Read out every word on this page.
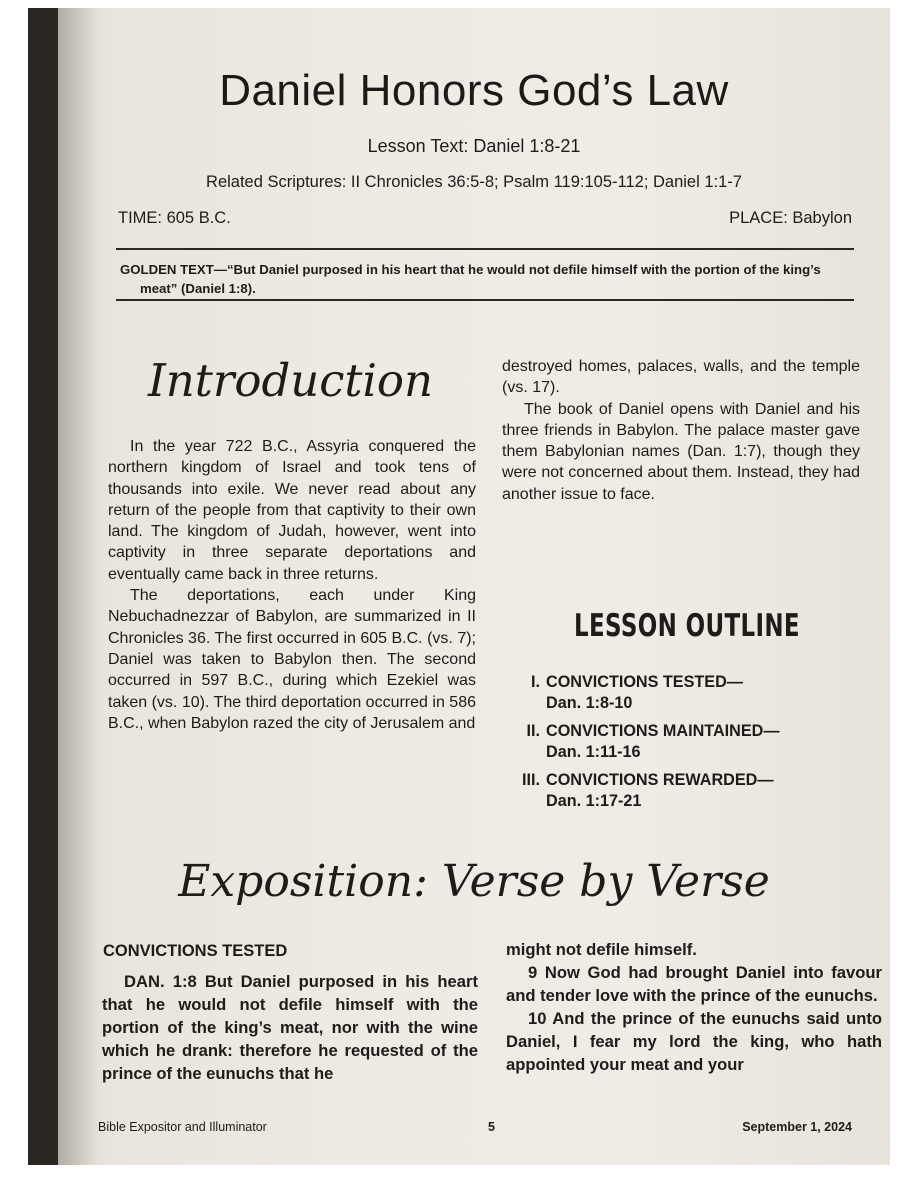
Daniel Honors God’s Law
Lesson Text: Daniel 1:8-21
Related Scriptures: II Chronicles 36:5-8; Psalm 119:105-112; Daniel 1:1-7
TIME: 605 B.C.	PLACE: Babylon
GOLDEN TEXT—“But Daniel purposed in his heart that he would not defile himself with the portion of the king’s meat” (Daniel 1:8).
Introduction

In the year 722 B.C., Assyria conquered the northern kingdom of Israel and took tens of thousands into exile. We never read about any return of the people from that captivity to their own land. The kingdom of Judah, however, went into captivity in three separate deportations and eventually came back in three returns.

The deportations, each under King Nebuchadnezzar of Babylon, are summarized in II Chronicles 36. The first occurred in 605 B.C. (vs. 7); Daniel was taken to Babylon then. The second occurred in 597 B.C., during which Ezekiel was taken (vs. 10). The third deportation occurred in 586 B.C., when Babylon razed the city of Jerusalem and

destroyed homes, palaces, walls, and the temple (vs. 17).

The book of Daniel opens with Daniel and his three friends in Babylon. The palace master gave them Babylonian names (Dan. 1:7), though they were not concerned about them. Instead, they had another issue to face.

LESSON OUTLINE
I. CONVICTIONS TESTED—
Dan. 1:8-10
II. CONVICTIONS MAINTAINED—
Dan. 1:11-16
III. CONVICTIONS REWARDED—
Dan. 1:17-21
Exposition: Verse by Verse
CONVICTIONS TESTED

DAN. 1:8 But Daniel purposed in his heart that he would not defile himself with the portion of the king’s meat, nor with the wine which he drank: therefore he requested of the prince of the eunuchs that he

might not defile himself.

9 Now God had brought Daniel into favour and tender love with the prince of the eunuchs.

10 And the prince of the eunuchs said unto Daniel, I fear my lord the king, who hath appointed your meat and your

Bible Expositor and Illuminator	5	September 1, 2024
